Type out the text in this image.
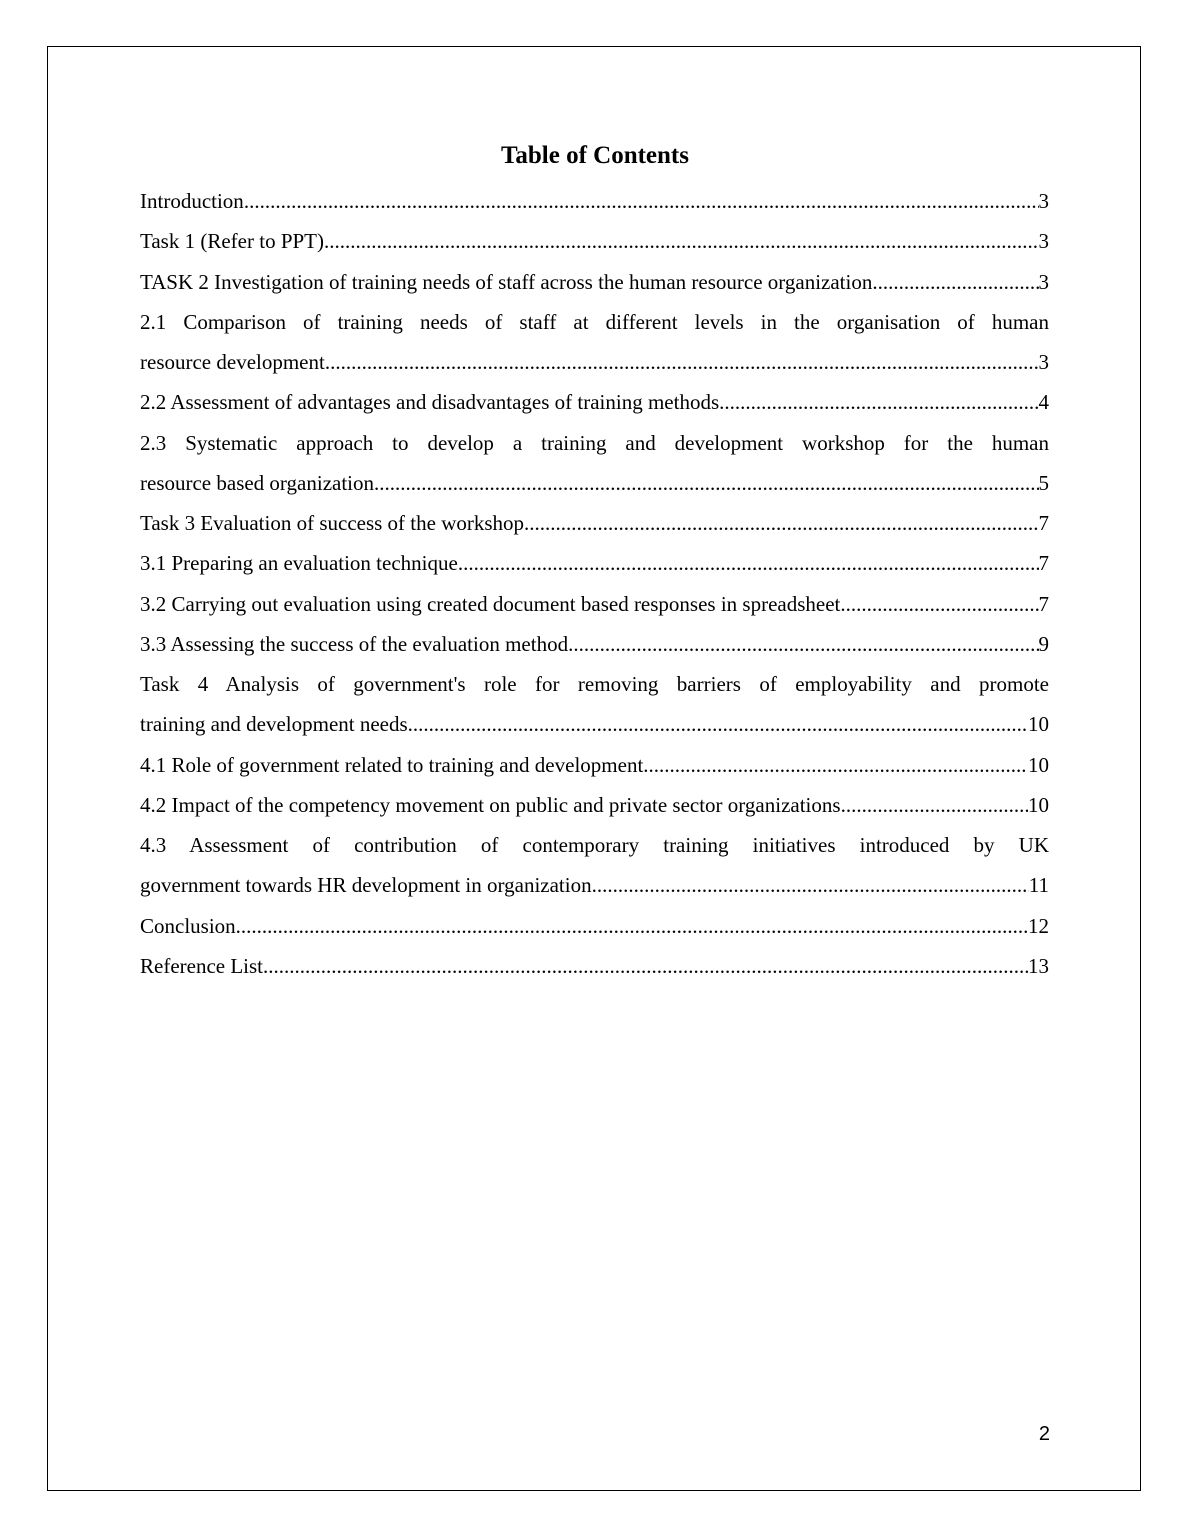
Table of Contents
Introduction .....	3
Task 1 (Refer to PPT) .....	3
TASK 2 Investigation of training needs of staff across the human resource organization .....	3
2.1 Comparison of training needs of staff at different levels in the organisation of human
resource development .....	3
2.2 Assessment of advantages and disadvantages of training methods .....	4
2.3 Systematic approach to develop a training and development workshop for the human
resource based organization .....	5
Task 3 Evaluation of success of the workshop .....	7
3.1 Preparing an evaluation technique .....	7
3.2 Carrying out evaluation using created document based responses in spreadsheet .....	7
3.3 Assessing the success of the evaluation method .....	9
Task 4 Analysis of government's role for removing barriers of employability and promote
training and development needs .....	10
4.1 Role of government related to training and development .....	10
4.2 Impact of the competency movement on public and private sector organizations .....	10
4.3 Assessment of contribution of contemporary training initiatives introduced by UK
government towards HR development in organization .....	11
Conclusion .....	12
Reference List .....	13
2
